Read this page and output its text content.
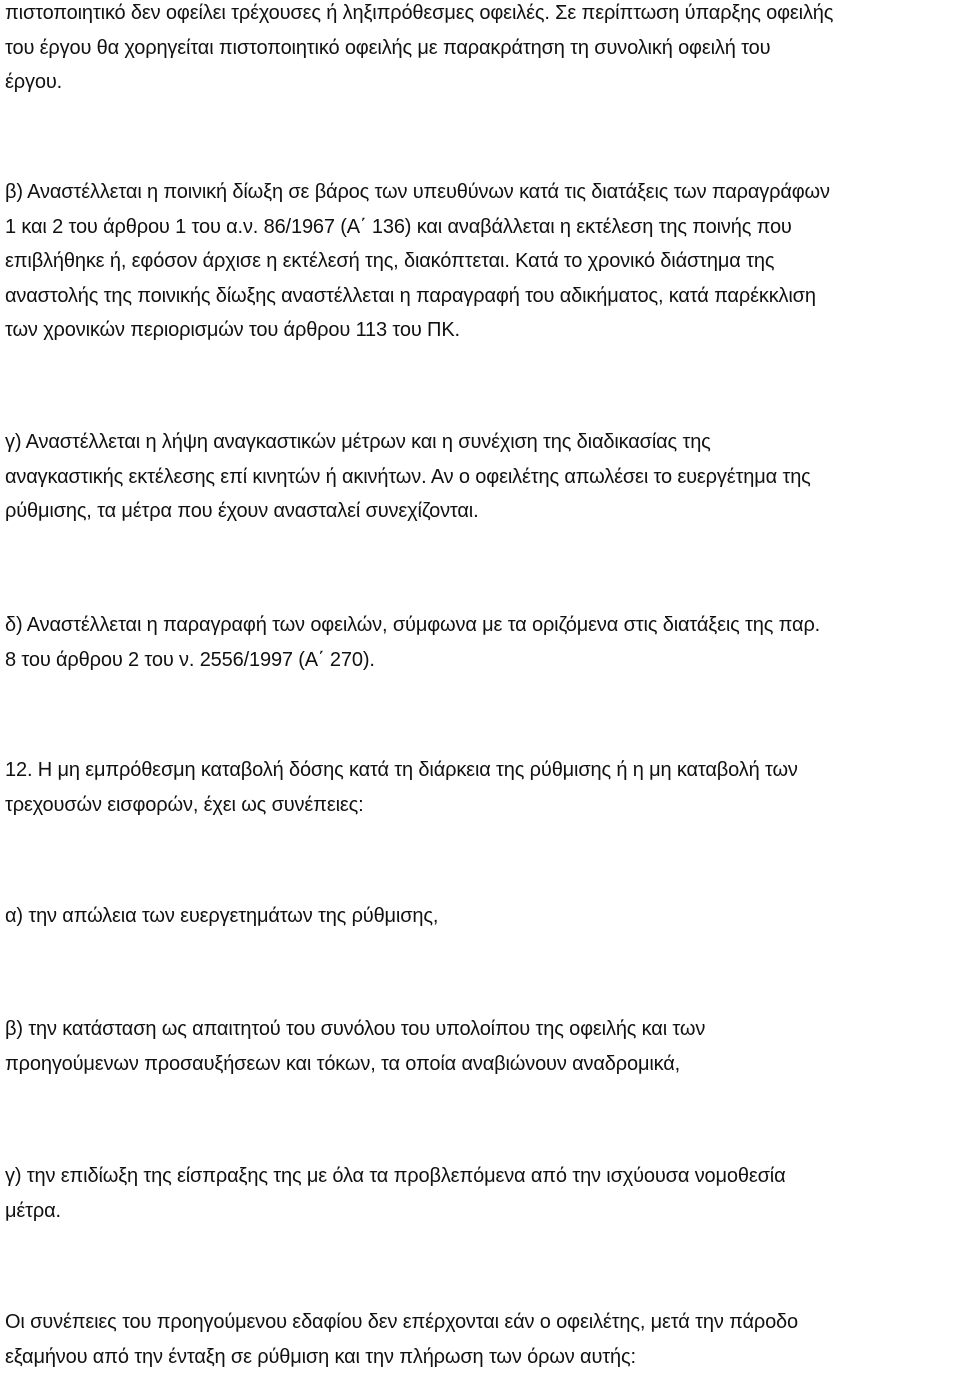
πιστοποιητικό δεν οφείλει τρέχουσες ή ληξιπρόθεσμες οφειλές. Σε περίπτωση ύπαρξης οφειλής
του έργου θα χορηγείται πιστοποιητικό οφειλής με παρακράτηση τη συνολική οφειλή του
έργου.
β) Αναστέλλεται η ποινική δίωξη σε βάρος των υπευθύνων κατά τις διατάξεις των παραγράφων
1 και 2 του άρθρου 1 του α.ν. 86/1967 (Α΄ 136) και αναβάλλεται η εκτέλεση της ποινής που
επιβλήθηκε ή, εφόσον άρχισε η εκτέλεσή της, διακόπτεται. Κατά το χρονικό διάστημα της
αναστολής της ποινικής δίωξης αναστέλλεται η παραγραφή του αδικήματος, κατά παρέκκλιση
των χρονικών περιορισμών του άρθρου 113 του ΠΚ.
γ) Αναστέλλεται η λήψη αναγκαστικών μέτρων και η συνέχιση της διαδικασίας της
αναγκαστικής εκτέλεσης επί κινητών ή ακινήτων. Αν ο οφειλέτης απωλέσει το ευεργέτημα της
ρύθμισης, τα μέτρα που έχουν ανασταλεί συνεχίζονται.
δ) Αναστέλλεται η παραγραφή των οφειλών, σύμφωνα με τα οριζόμενα στις διατάξεις της παρ.
8 του άρθρου 2 του ν. 2556/1997 (Α΄ 270).
12. Η μη εμπρόθεσμη καταβολή δόσης κατά τη διάρκεια της ρύθμισης ή η μη καταβολή των
τρεχουσών εισφορών, έχει ως συνέπειες:
α) την απώλεια των ευεργετημάτων της ρύθμισης,
β) την κατάσταση ως απαιτητού του συνόλου του υπολοίπου της οφειλής και των
προηγούμενων προσαυξήσεων και τόκων, τα οποία αναβιώνουν αναδρομικά,
γ) την επιδίωξη της είσπραξης της με όλα τα προβλεπόμενα από την ισχύουσα νομοθεσία
μέτρα.
Οι συνέπειες του προηγούμενου εδαφίου δεν επέρχονται εάν ο οφειλέτης, μετά την πάροδο
εξαμήνου από την ένταξη σε ρύθμιση και την πλήρωση των όρων αυτής:
